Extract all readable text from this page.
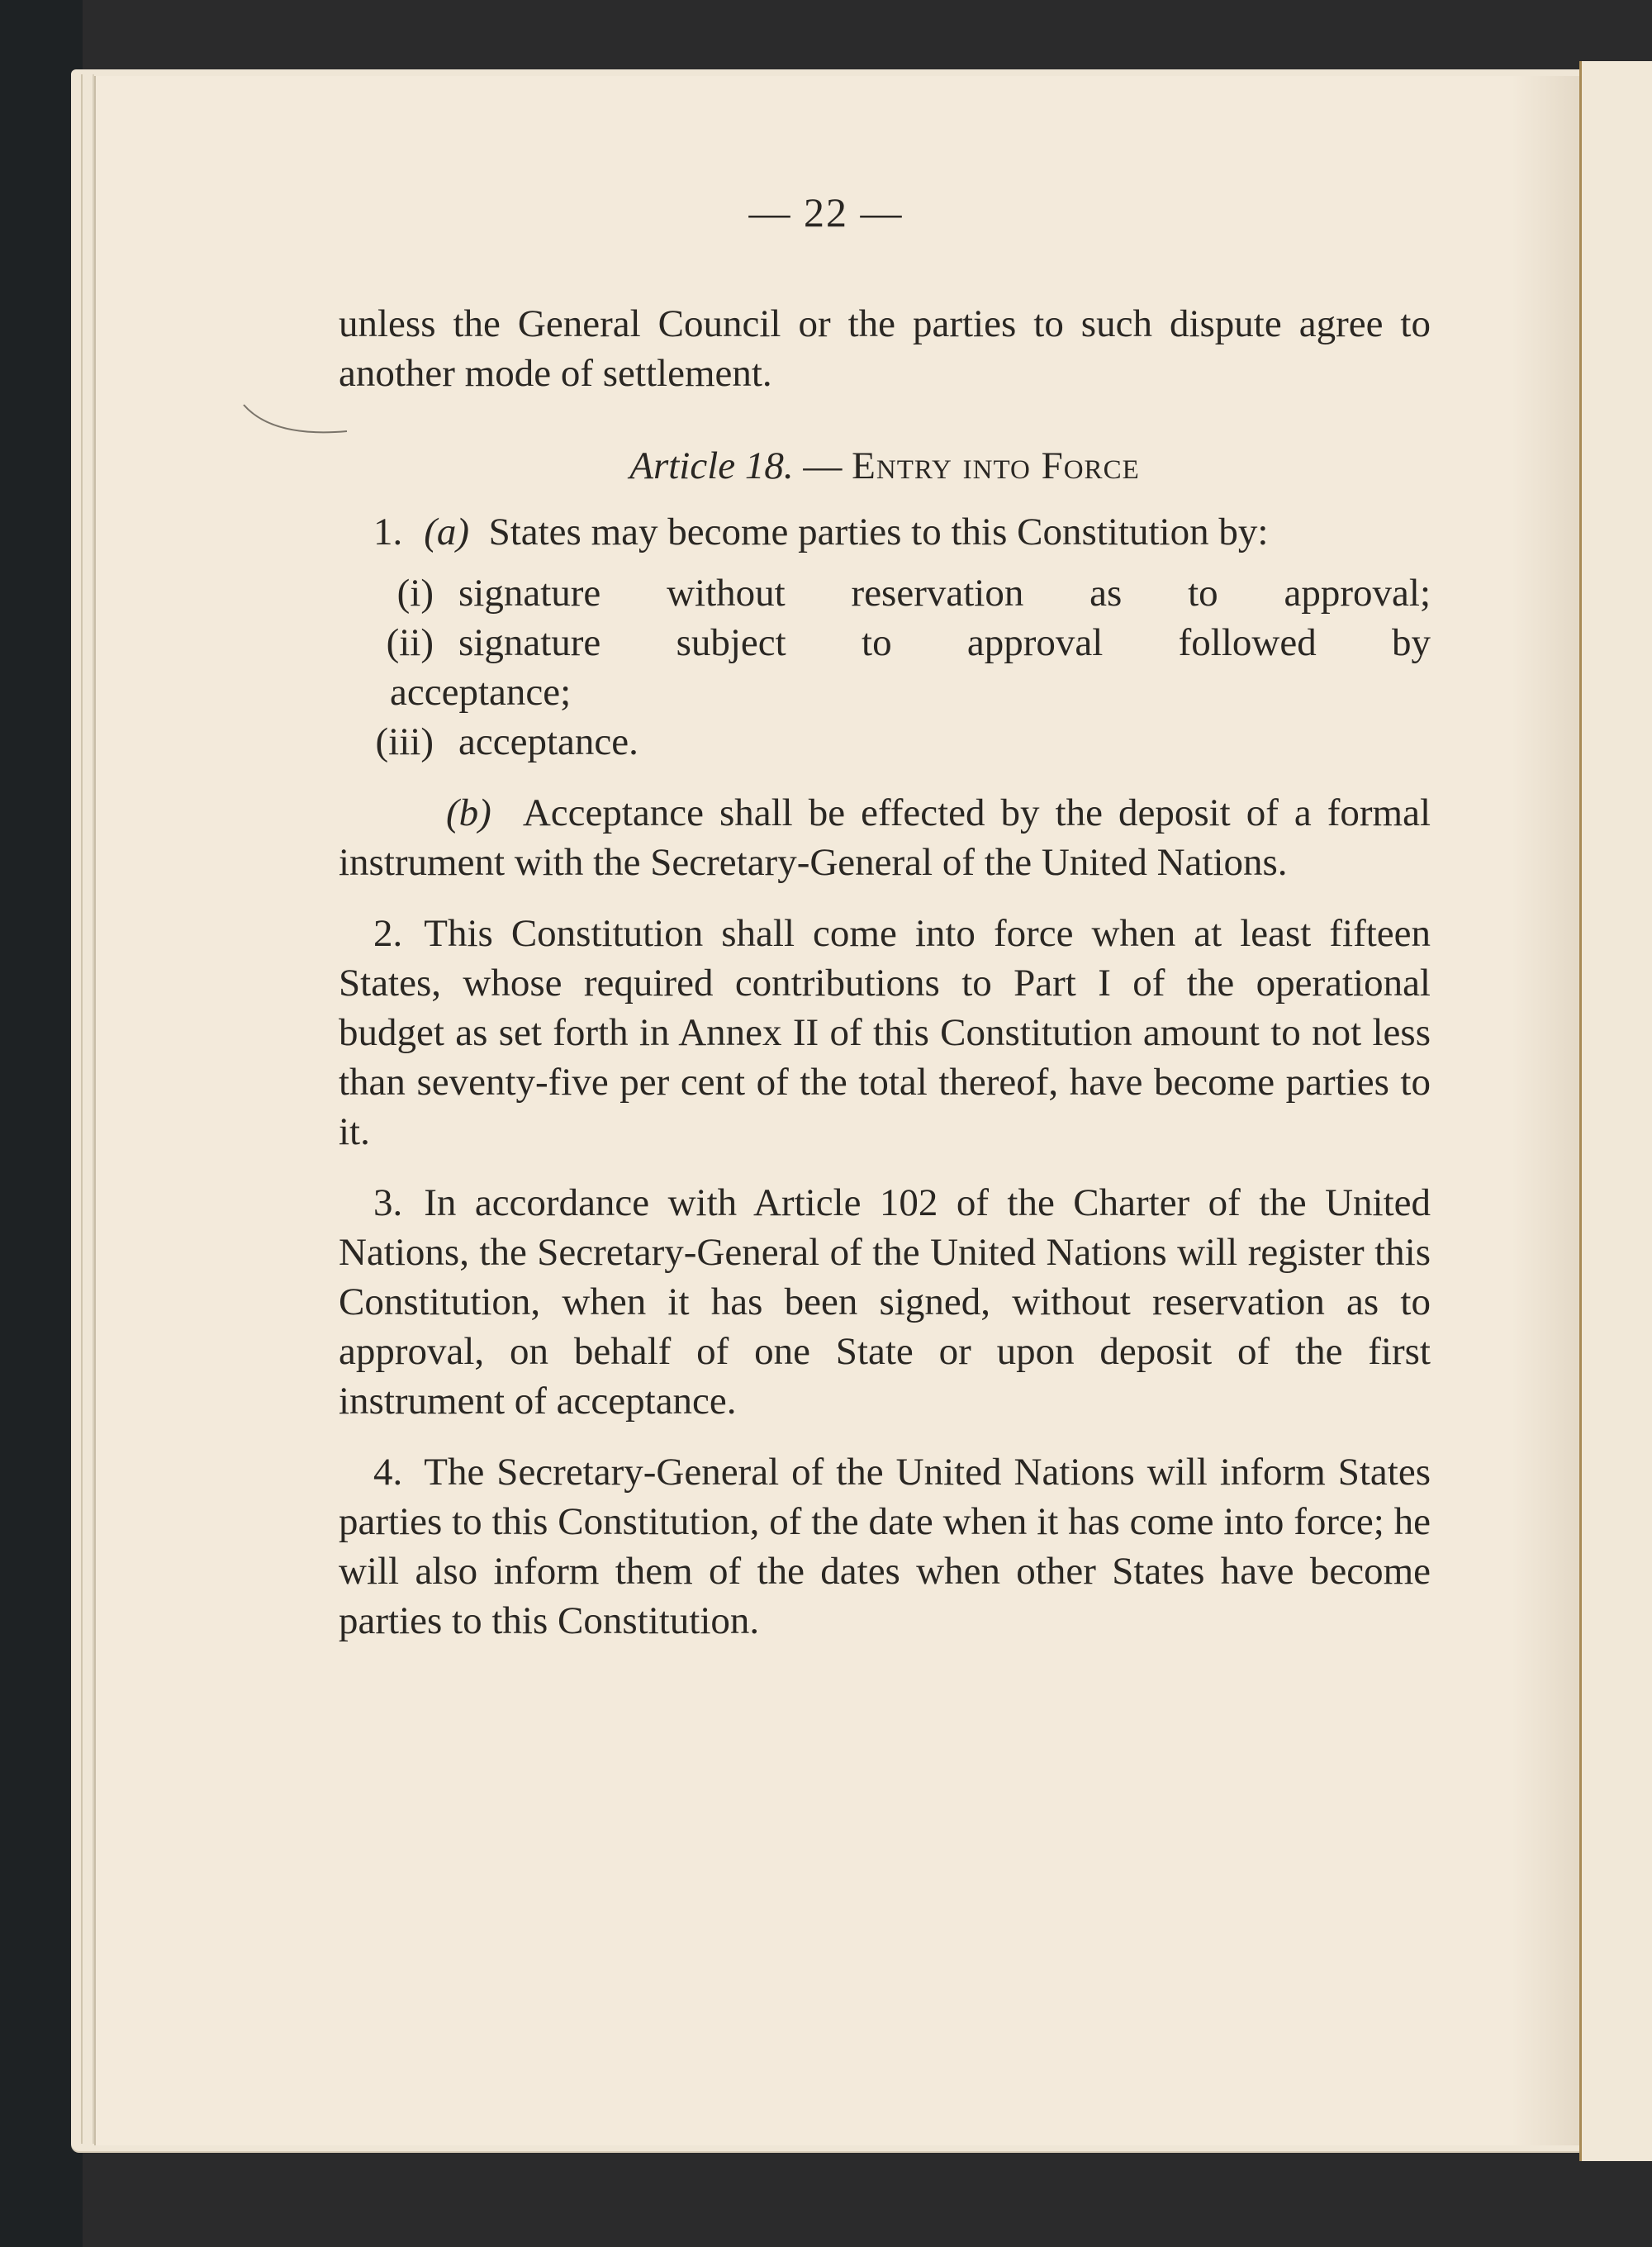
— 22 —

unless the General Council or the parties to such dispute agree to another mode of settlement.

Article 18. — Entry into Force

1. (a) States may become parties to this Constitution by:

(i) signature without reservation as to approval;
(ii) signature subject to approval followed by

acceptance;

(iii) acceptance.

(b) Acceptance shall be effected by the deposit of a formal instrument with the Secretary-General of the United Nations.

2. This Constitution shall come into force when at least fifteen States, whose required contributions to Part I of the operational budget as set forth in Annex II of this Constitution amount to not less than seventy-five per cent of the total thereof, have become parties to it.

3. In accordance with Article 102 of the Charter of the United Nations, the Secretary-General of the United Nations will register this Constitution, when it has been signed, without reservation as to approval, on behalf of one State or upon deposit of the first instrument of acceptance.

4. The Secretary-General of the United Nations will inform States parties to this Constitution, of the date when it has come into force; he will also inform them of the dates when other States have become parties to this Constitution.
